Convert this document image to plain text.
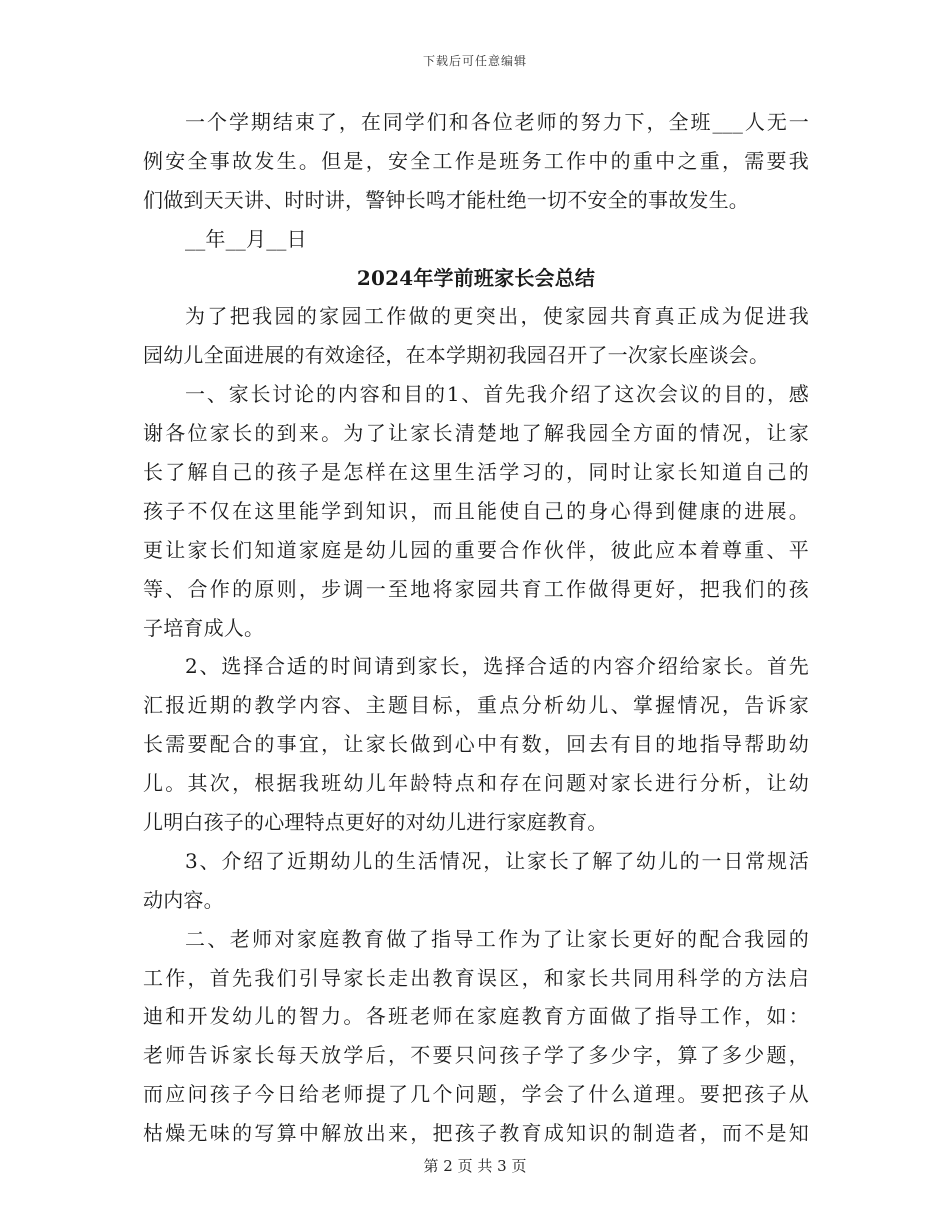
下载后可任意编辑
一个学期结束了，在同学们和各位老师的努力下，全班___人无一
例安全事故发生。但是，安全工作是班务工作中的重中之重，需要我
们做到天天讲、时时讲，警钟长鸣才能杜绝一切不安全的事故发生。
__年__月__日
2024年学前班家长会总结
为了把我园的家园工作做的更突出，使家园共育真正成为促进我
园幼儿全面进展的有效途径，在本学期初我园召开了一次家长座谈会。
一、家长讨论的内容和目的1、首先我介绍了这次会议的目的，感
谢各位家长的到来。为了让家长清楚地了解我园全方面的情况，让家
长了解自己的孩子是怎样在这里生活学习的，同时让家长知道自己的
孩子不仅在这里能学到知识，而且能使自己的身心得到健康的进展。
更让家长们知道家庭是幼儿园的重要合作伙伴，彼此应本着尊重、平
等、合作的原则，步调一至地将家园共育工作做得更好，把我们的孩
子培育成人。
2、选择合适的时间请到家长，选择合适的内容介绍给家长。首先
汇报近期的教学内容、主题目标，重点分析幼儿、掌握情况，告诉家
长需要配合的事宜，让家长做到心中有数，回去有目的地指导帮助幼
儿。其次，根据我班幼儿年龄特点和存在问题对家长进行分析，让幼
儿明白孩子的心理特点更好的对幼儿进行家庭教育。
3、介绍了近期幼儿的生活情况，让家长了解了幼儿的一日常规活
动内容。
二、老师对家庭教育做了指导工作为了让家长更好的配合我园的
工作，首先我们引导家长走出教育误区，和家长共同用科学的方法启
迪和开发幼儿的智力。各班老师在家庭教育方面做了指导工作，如：
老师告诉家长每天放学后，不要只问孩子学了多少字，算了多少题，
而应问孩子今日给老师提了几个问题，学会了什么道理。要把孩子从
枯燥无味的写算中解放出来，把孩子教育成知识的制造者，而不是知
第 2 页 共 3 页
